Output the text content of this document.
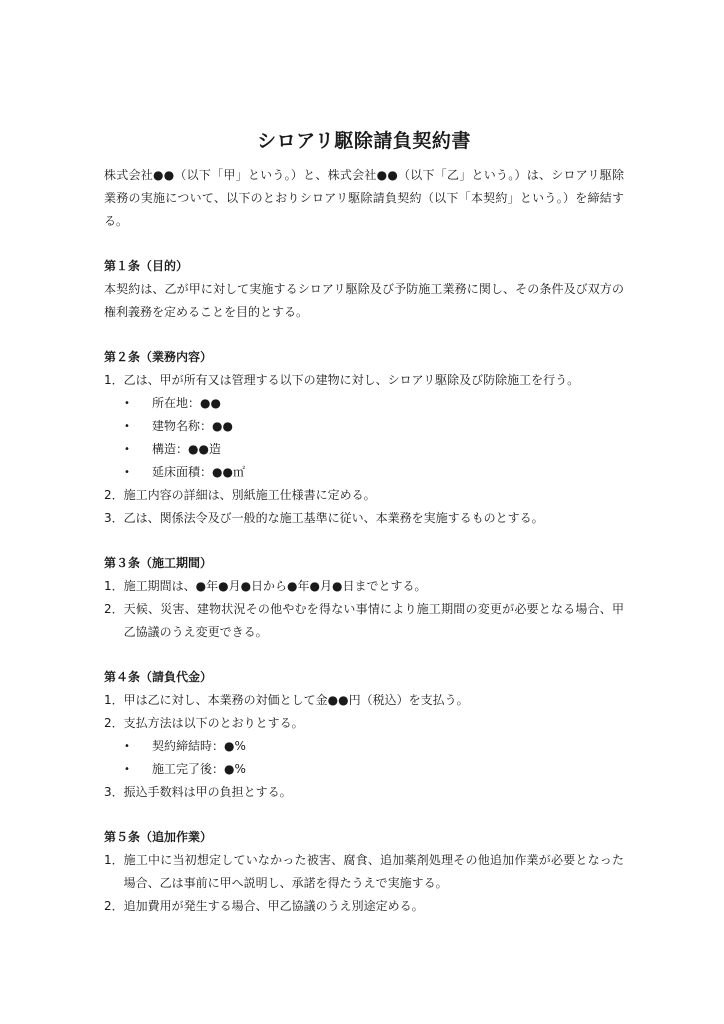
シロアリ駆除請負契約書

株式会社●●（以下「甲」という。）と、株式会社●●（以下「乙」という。）は、シロアリ駆除業務の実施について、以下のとおりシロアリ駆除請負契約（以下「本契約」という。）を締結する。

第１条（目的）

本契約は、乙が甲に対して実施するシロアリ駆除及び予防施工業務に関し、その条件及び双方の権利義務を定めることを目的とする。

第２条（業務内容）
1． 乙は、甲が所有又は管理する以下の建物に対し、シロアリ駆除及び防除施工を行う。
•	所在地：●●
•	建物名称：●●
•	構造：●●造
•	延床面積：●●㎡
2． 施工内容の詳細は、別紙施工仕様書に定める。
3． 乙は、関係法令及び一般的な施工基準に従い、本業務を実施するものとする。
第３条（施工期間）
1． 施工期間は、●年●月●日から●年●月●日までとする。
2． 天候、災害、建物状況その他やむを得ない事情により施工期間の変更が必要となる場合、甲乙協議のうえ変更できる。
第４条（請負代金）
1． 甲は乙に対し、本業務の対価として金●●円（税込）を支払う。
2． 支払方法は以下のとおりとする。
•	契約締結時：●%
•	施工完了後：●%
3． 振込手数料は甲の負担とする。
第５条（追加作業）
1． 施工中に当初想定していなかった被害、腐食、追加薬剤処理その他追加作業が必要となった場合、乙は事前に甲へ説明し、承諾を得たうえで実施する。
2． 追加費用が発生する場合、甲乙協議のうえ別途定める。
